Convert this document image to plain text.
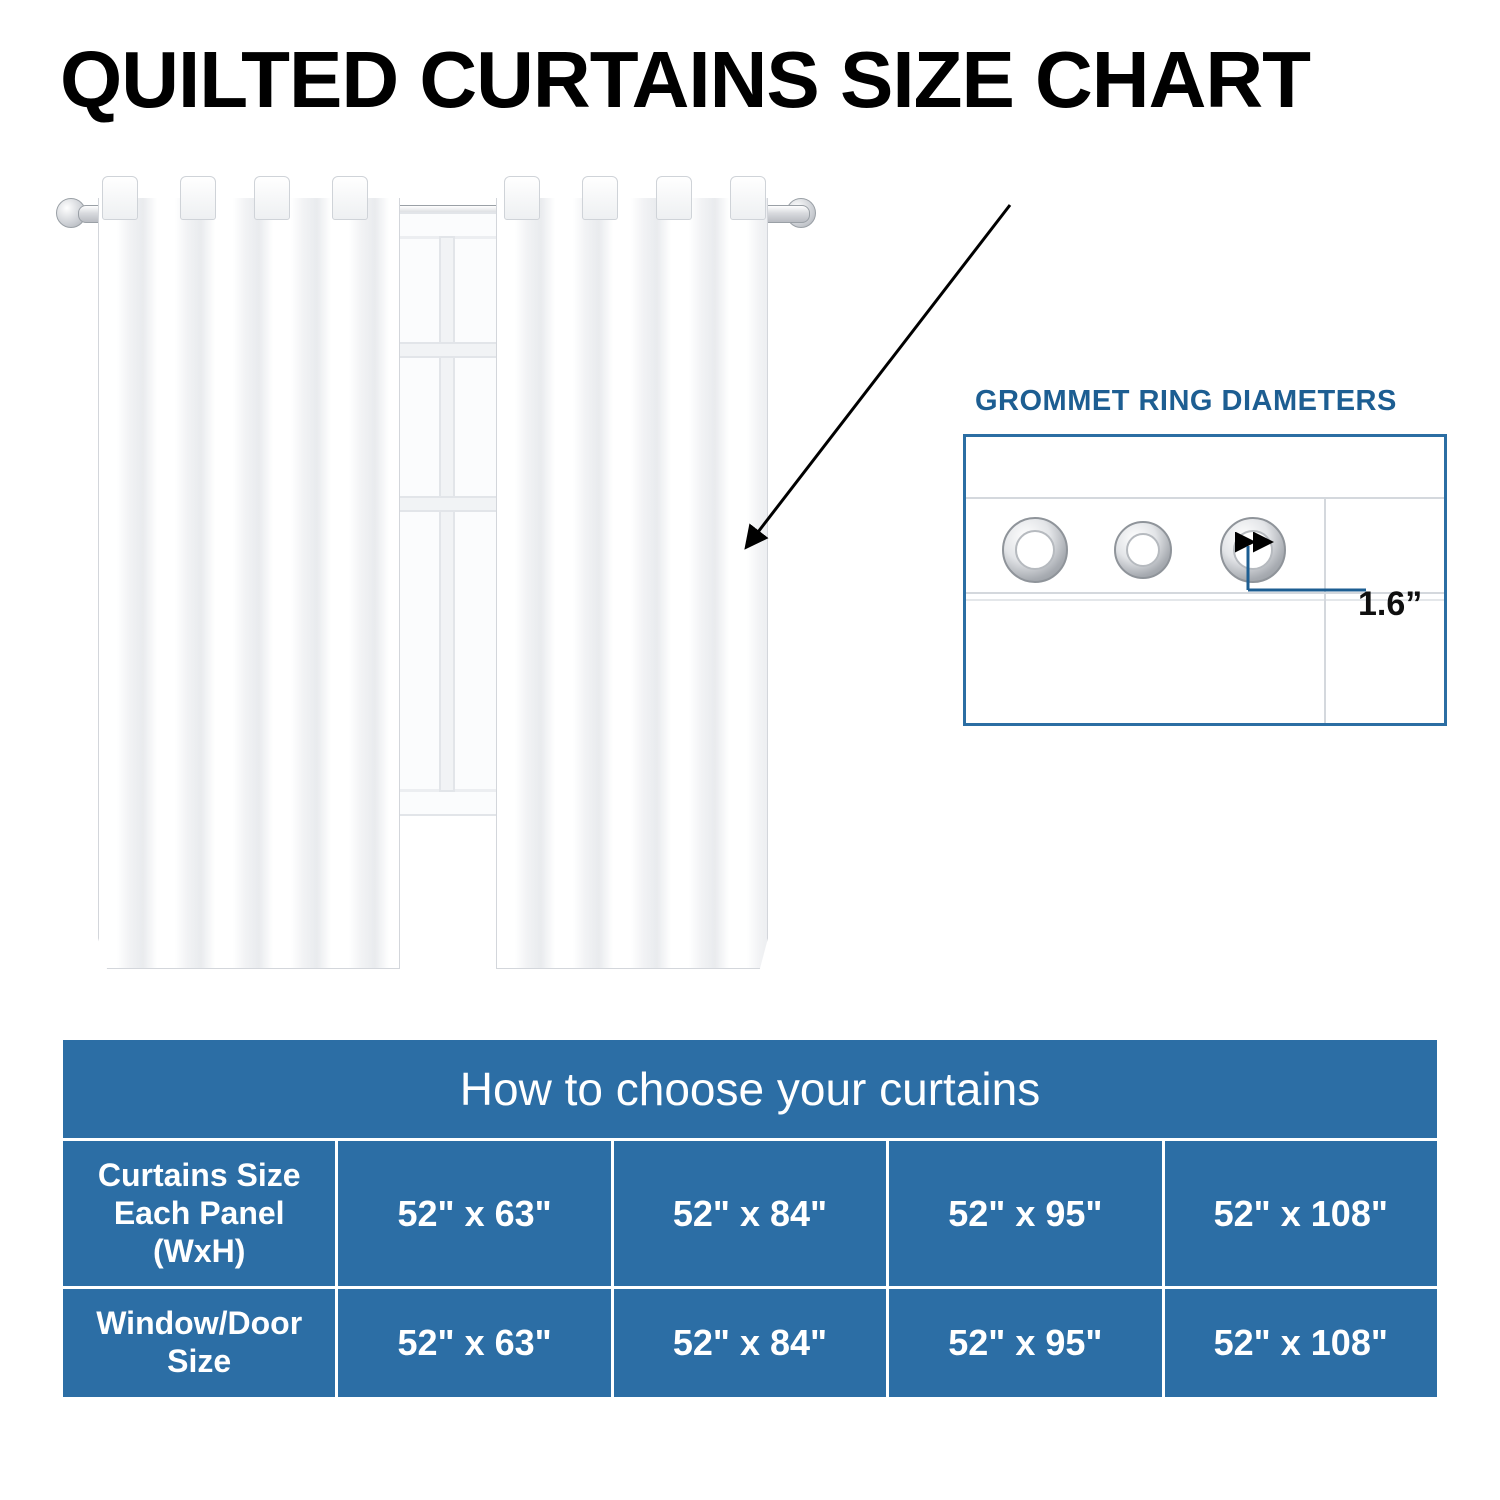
QUILTED CURTAINS SIZE CHART
GROMMET RING DIAMETERS
1.6”
How to choose your curtains				
Curtains Size
Each Panel
(WxH)	52" x 63"	52" x 84"	52" x 95"	52" x 108"
Window/Door
Size	52" x 63"	52" x 84"	52" x 95"	52" x 108"
